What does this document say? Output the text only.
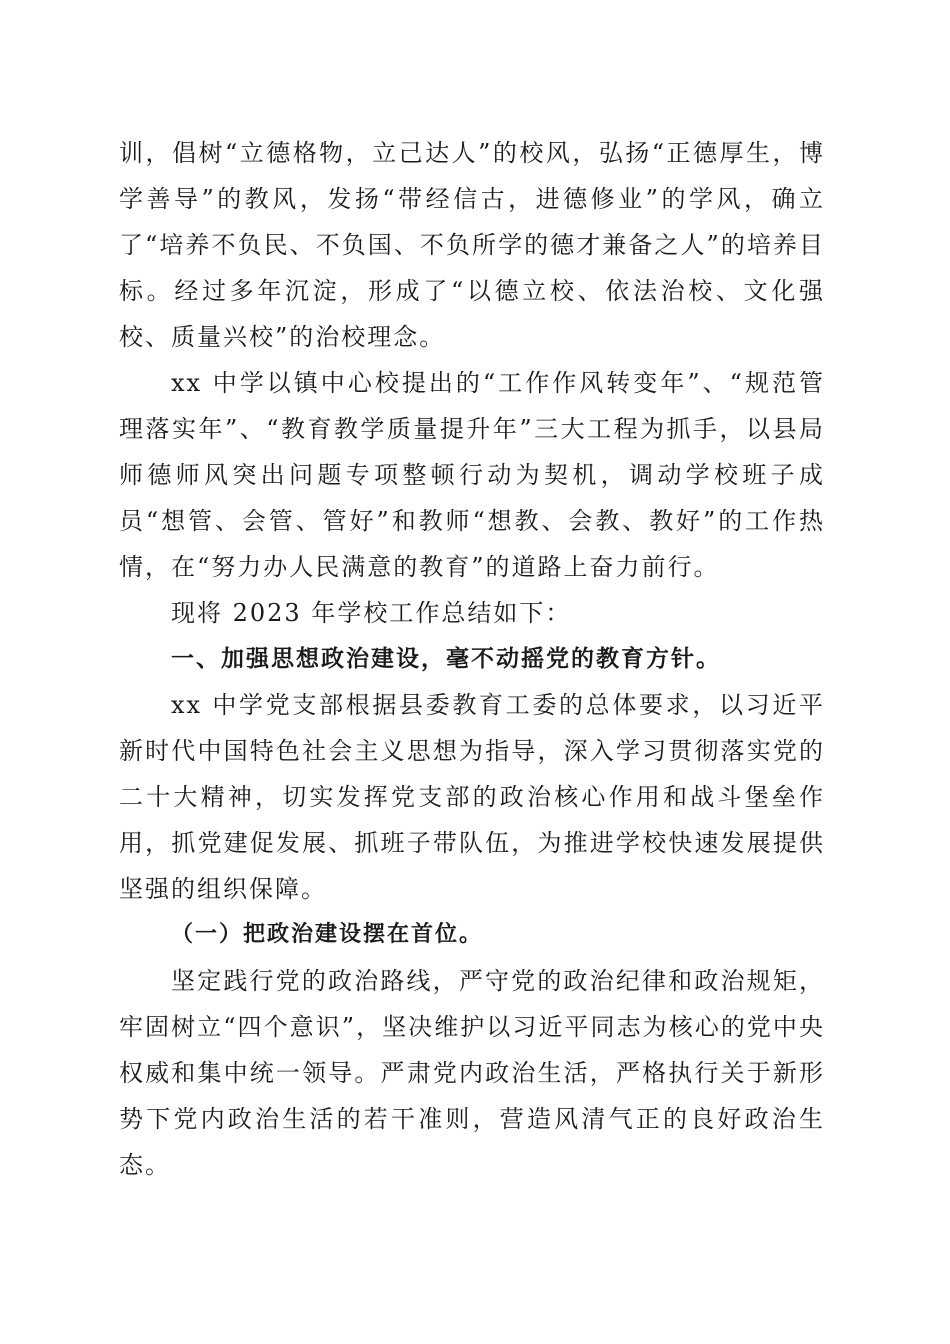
训，倡树“立德格物，立己达人”的校风，弘扬“正德厚生，博学善导”的教风，发扬“带经信古，进德修业”的学风，确立了“培养不负民、不负国、不负所学的德才兼备之人”的培养目标。经过多年沉淀，形成了“以德立校、依法治校、文化强校、质量兴校”的治校理念。

xx 中学以镇中心校提出的“工作作风转变年”、“规范管理落实年”、“教育教学质量提升年”三大工程为抓手，以县局师德师风突出问题专项整顿行动为契机，调动学校班子成员“想管、会管、管好”和教师“想教、会教、教好”的工作热情，在“努力办人民满意的教育”的道路上奋力前行。

现将 2023 年学校工作总结如下：

一、加强思想政治建设，毫不动摇党的教育方针。

xx 中学党支部根据县委教育工委的总体要求，以习近平新时代中国特色社会主义思想为指导，深入学习贯彻落实党的二十大精神，切实发挥党支部的政治核心作用和战斗堡垒作用，抓党建促发展、抓班子带队伍，为推进学校快速发展提供坚强的组织保障。

（一）把政治建设摆在首位。

坚定践行党的政治路线，严守党的政治纪律和政治规矩，牢固树立“四个意识”，坚决维护以习近平同志为核心的党中央权威和集中统一领导。严肃党内政治生活，严格执行关于新形势下党内政治生活的若干准则，营造风清气正的良好政治生态。
